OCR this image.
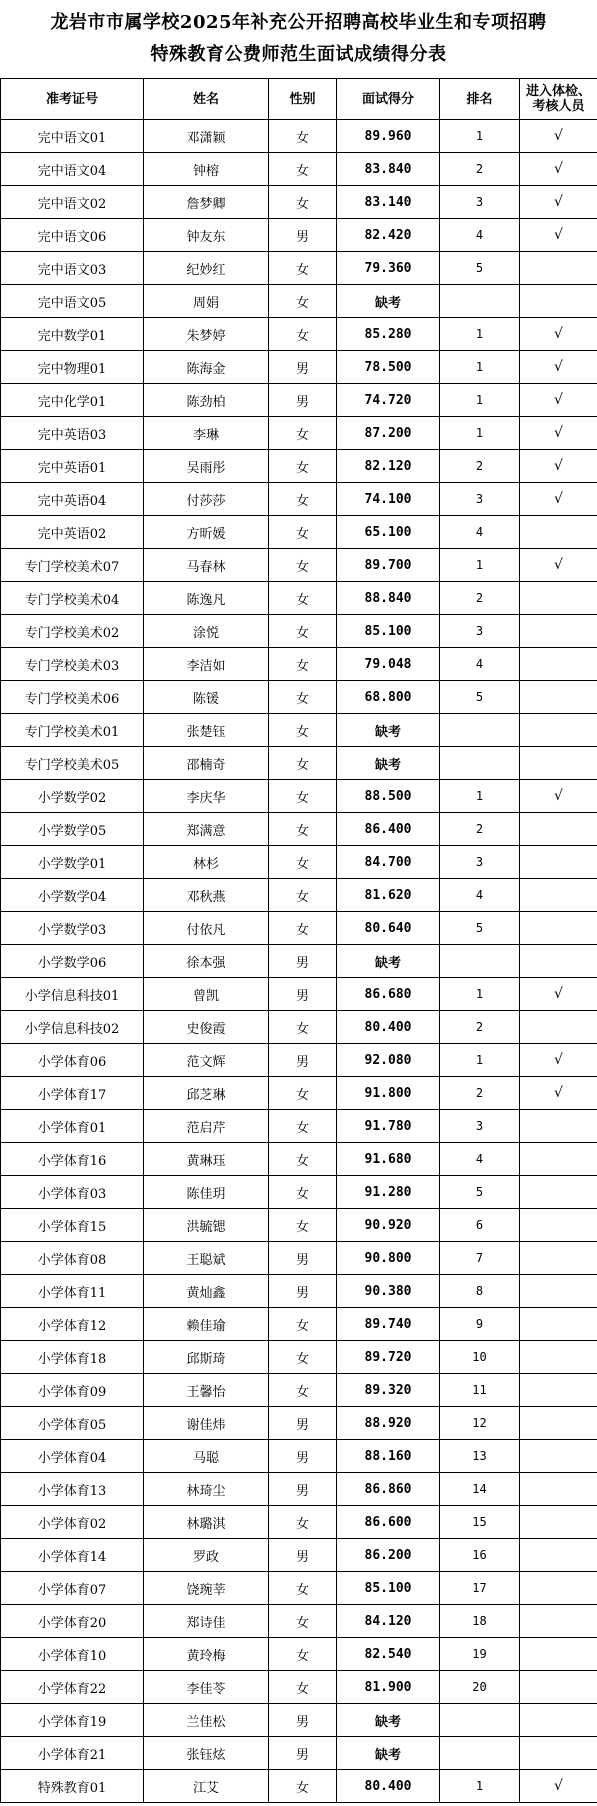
龙岩市市属学校2025年补充公开招聘高校毕业生和专项招聘
特殊教育公费师范生面试成绩得分表
准考证号	姓名	性别	面试得分	排名	进入体检、
考核人员

完中语文01	邓潇颖	女	89.960	1	√
完中语文04	钟榕	女	83.840	2	√
完中语文02	詹梦卿	女	83.140	3	√
完中语文06	钟友东	男	82.420	4	√
完中语文03	纪妙红	女	79.360	5	
完中语文05	周娟	女	缺考		
完中数学01	朱梦婷	女	85.280	1	√
完中物理01	陈海金	男	78.500	1	√
完中化学01	陈劲柏	男	74.720	1	√
完中英语03	李琳	女	87.200	1	√
完中英语01	吴雨彤	女	82.120	2	√
完中英语04	付莎莎	女	74.100	3	√
完中英语02	方昕媛	女	65.100	4	
专门学校美术07	马春林	女	89.700	1	√
专门学校美术04	陈逸凡	女	88.840	2	
专门学校美术02	涂悦	女	85.100	3	
专门学校美术03	李洁如	女	79.048	4	
专门学校美术06	陈锾	女	68.800	5	
专门学校美术01	张楚钰	女	缺考		
专门学校美术05	邵楠奇	女	缺考		
小学数学02	李庆华	女	88.500	1	√
小学数学05	郑满意	女	86.400	2	
小学数学01	林杉	女	84.700	3	
小学数学04	邓秋燕	女	81.620	4	
小学数学03	付依凡	女	80.640	5	
小学数学06	徐本强	男	缺考		
小学信息科技01	曾凯	男	86.680	1	√
小学信息科技02	史俊霞	女	80.400	2	
小学体育06	范文辉	男	92.080	1	√
小学体育17	邱芝琳	女	91.800	2	√
小学体育01	范启芹	女	91.780	3	
小学体育16	黄琳珏	女	91.680	4	
小学体育03	陈佳玥	女	91.280	5	
小学体育15	洪毓锶	女	90.920	6	
小学体育08	王聪斌	男	90.800	7	
小学体育11	黄灿鑫	男	90.380	8	
小学体育12	赖佳瑜	女	89.740	9	
小学体育18	邱斯琦	女	89.720	10	
小学体育09	王馨怡	女	89.320	11	
小学体育05	谢佳炜	男	88.920	12	
小学体育04	马聪	男	88.160	13	
小学体育13	林琦尘	男	86.860	14	
小学体育02	林璐淇	女	86.600	15	
小学体育14	罗政	男	86.200	16	
小学体育07	饶琬莘	女	85.100	17	
小学体育20	郑诗佳	女	84.120	18	
小学体育10	黄玲梅	女	82.540	19	
小学体育22	李佳苓	女	81.900	20	
小学体育19	兰佳松	男	缺考		
小学体育21	张钰炫	男	缺考		
特殊教育01	江艾	女	80.400	1	√
